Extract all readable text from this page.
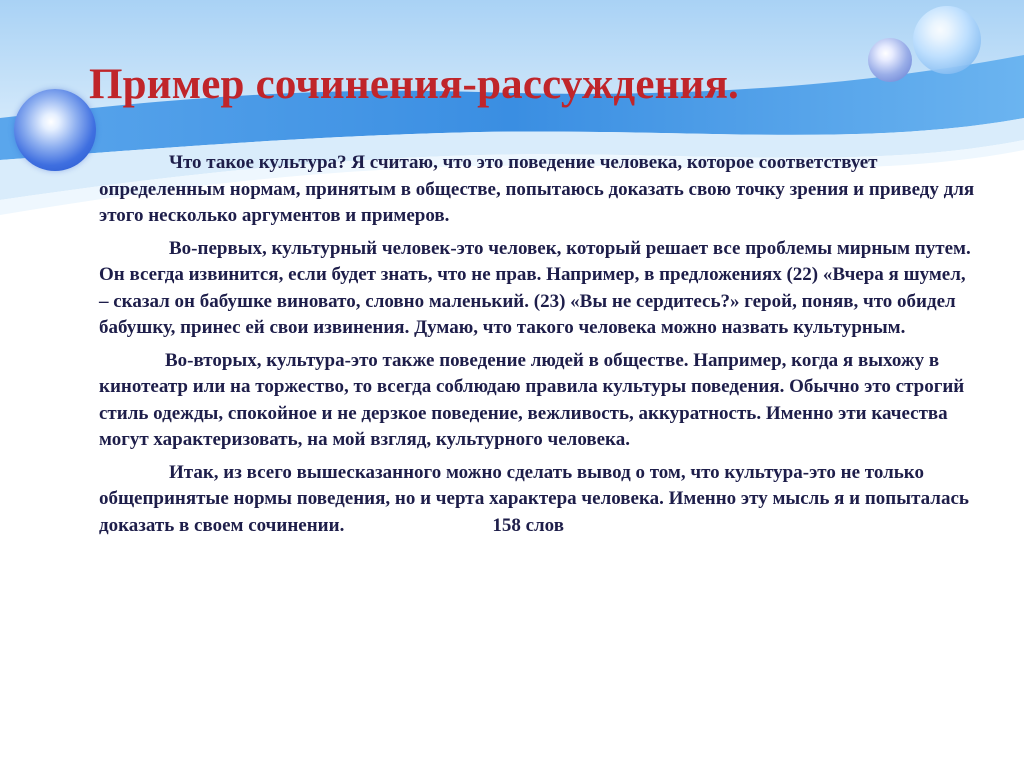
Пример сочинения-рассуждения.

Что такое культура? Я считаю, что это поведение человека, которое соответствует определенным нормам, принятым в обществе, попытаюсь доказать свою точку зрения и приведу для этого несколько аргументов и примеров.

Во-первых, культурный человек-это человек, который решает все проблемы мирным путем. Он всегда извинится, если будет знать, что не прав. Например, в предложениях (22) «Вчера я шумел, – сказал он бабушке виновато, словно маленький. (23) «Вы не сердитесь?» герой, поняв, что обидел бабушку, принес ей свои извинения. Думаю, что такого человека можно назвать культурным.

Во-вторых, культура-это также поведение людей в обществе. Например, когда я выхожу в кинотеатр или на торжество, то всегда соблюдаю правила культуры поведения. Обычно это строгий стиль одежды, спокойное и не дерзкое поведение, вежливость, аккуратность. Именно эти качества могут характеризовать, на мой взгляд, культурного человека.

Итак, из всего вышесказанного можно сделать вывод о том, что культура-это не только общепринятые нормы поведения, но и черта характера человека. Именно эту мысль я и попыталась доказать в своем сочинении.	158 слов
